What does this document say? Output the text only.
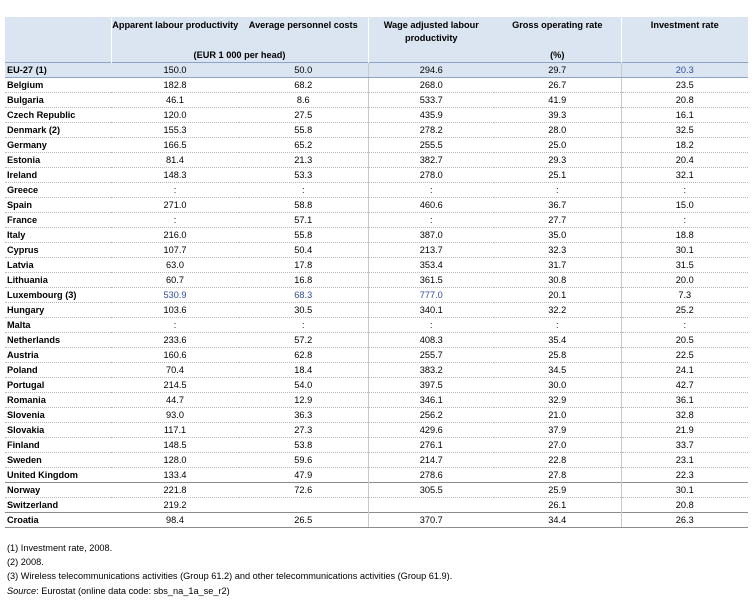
	Apparent labour productivity	Average personnel costs	Wage adjusted labour productivity	Gross operating rate	Investment rate
	(EUR 1 000 per head)			(%)	
EU-27 (1)	150.0	50.0	294.6	29.7	20.3
Belgium	182.8	68.2	268.0	26.7	23.5
Bulgaria	46.1	8.6	533.7	41.9	20.8
Czech Republic	120.0	27.5	435.9	39.3	16.1
Denmark (2)	155.3	55.8	278.2	28.0	32.5
Germany	166.5	65.2	255.5	25.0	18.2
Estonia	81.4	21.3	382.7	29.3	20.4
Ireland	148.3	53.3	278.0	25.1	32.1
Greece	:	:	:	:	:
Spain	271.0	58.8	460.6	36.7	15.0
France	:	57.1	:	27.7	:
Italy	216.0	55.8	387.0	35.0	18.8
Cyprus	107.7	50.4	213.7	32.3	30.1
Latvia	63.0	17.8	353.4	31.7	31.5
Lithuania	60.7	16.8	361.5	30.8	20.0
Luxembourg (3)	530.9	68.3	777.0	20.1	7.3
Hungary	103.6	30.5	340.1	32.2	25.2
Malta	:	:	:	:	:
Netherlands	233.6	57.2	408.3	35.4	20.5
Austria	160.6	62.8	255.7	25.8	22.5
Poland	70.4	18.4	383.2	34.5	24.1
Portugal	214.5	54.0	397.5	30.0	42.7
Romania	44.7	12.9	346.1	32.9	36.1
Slovenia	93.0	36.3	256.2	21.0	32.8
Slovakia	117.1	27.3	429.6	37.9	21.9
Finland	148.5	53.8	276.1	27.0	33.7
Sweden	128.0	59.6	214.7	22.8	23.1
United Kingdom	133.4	47.9	278.6	27.8	22.3
Norway	221.8	72.6	305.5	25.9	30.1
Switzerland	219.2			26.1	20.8
Croatia	98.4	26.5	370.7	34.4	26.3
(1) Investment rate, 2008.
(2) 2008.
(3) Wireless telecommunications activities (Group 61.2) and other telecommunications activities (Group 61.9).
Source: Eurostat (online data code: sbs_na_1a_se_r2)
